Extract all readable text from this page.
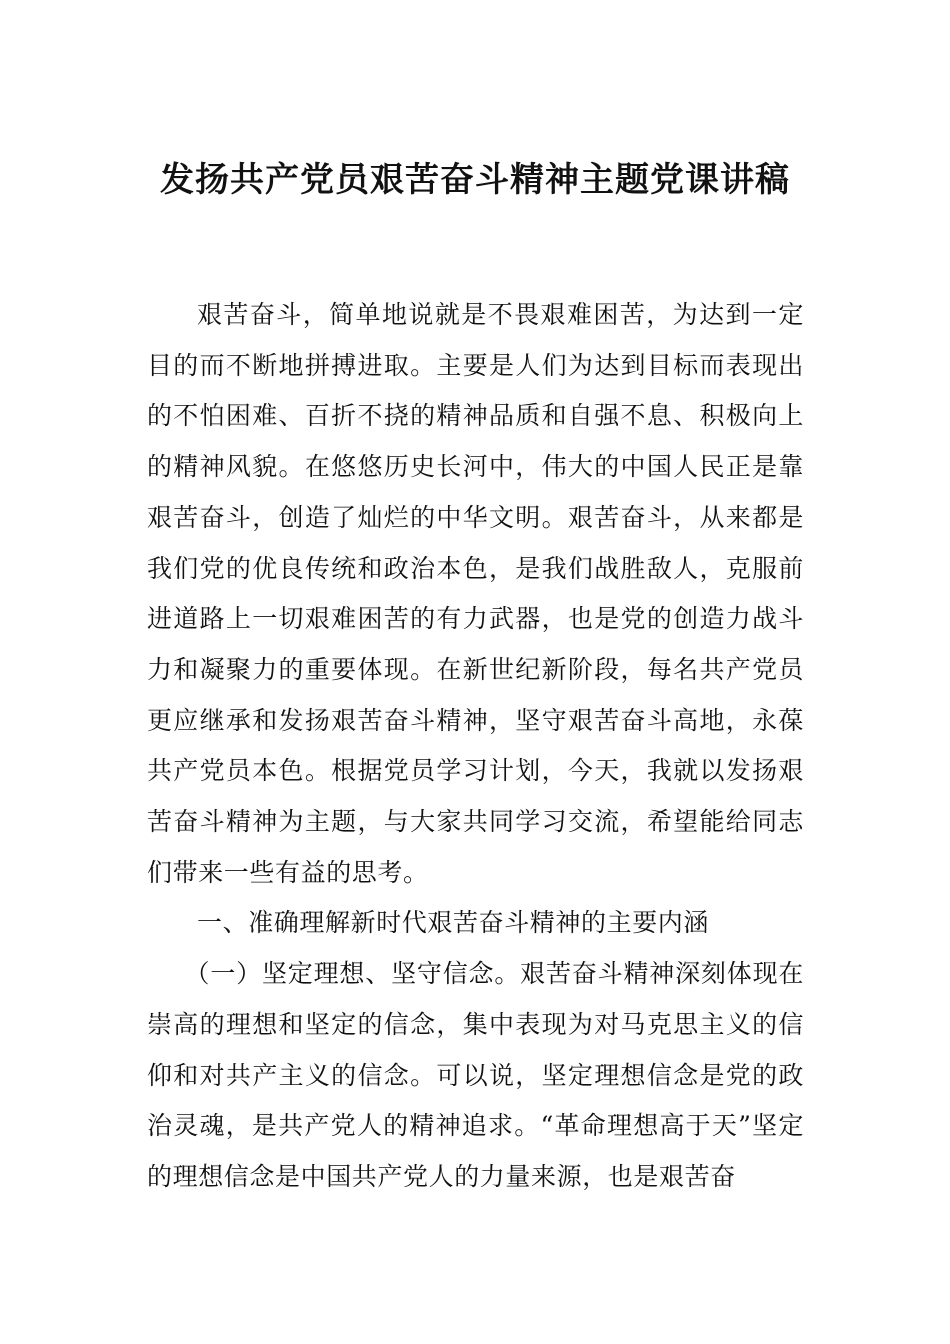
发扬共产党员艰苦奋斗精神主题党课讲稿

艰苦奋斗，简单地说就是不畏艰难困苦，为达到一定目的而不断地拼搏进取。主要是人们为达到目标而表现出的不怕困难、百折不挠的精神品质和自强不息、积极向上的精神风貌。在悠悠历史长河中，伟大的中国人民正是靠艰苦奋斗，创造了灿烂的中华文明。艰苦奋斗，从来都是我们党的优良传统和政治本色，是我们战胜敌人，克服前进道路上一切艰难困苦的有力武器，也是党的创造力战斗力和凝聚力的重要体现。在新世纪新阶段，每名共产党员更应继承和发扬艰苦奋斗精神，坚守艰苦奋斗高地，永葆共产党员本色。根据党员学习计划，今天，我就以发扬艰苦奋斗精神为主题，与大家共同学习交流，希望能给同志们带来一些有益的思考。

一、准确理解新时代艰苦奋斗精神的主要内涵

（一）坚定理想、坚守信念。艰苦奋斗精神深刻体现在崇高的理想和坚定的信念，集中表现为对马克思主义的信仰和对共产主义的信念。可以说，坚定理想信念是党的政治灵魂，是共产党人的精神追求。“革命理想高于天”坚定的理想信念是中国共产党人的力量来源，也是艰苦奋
